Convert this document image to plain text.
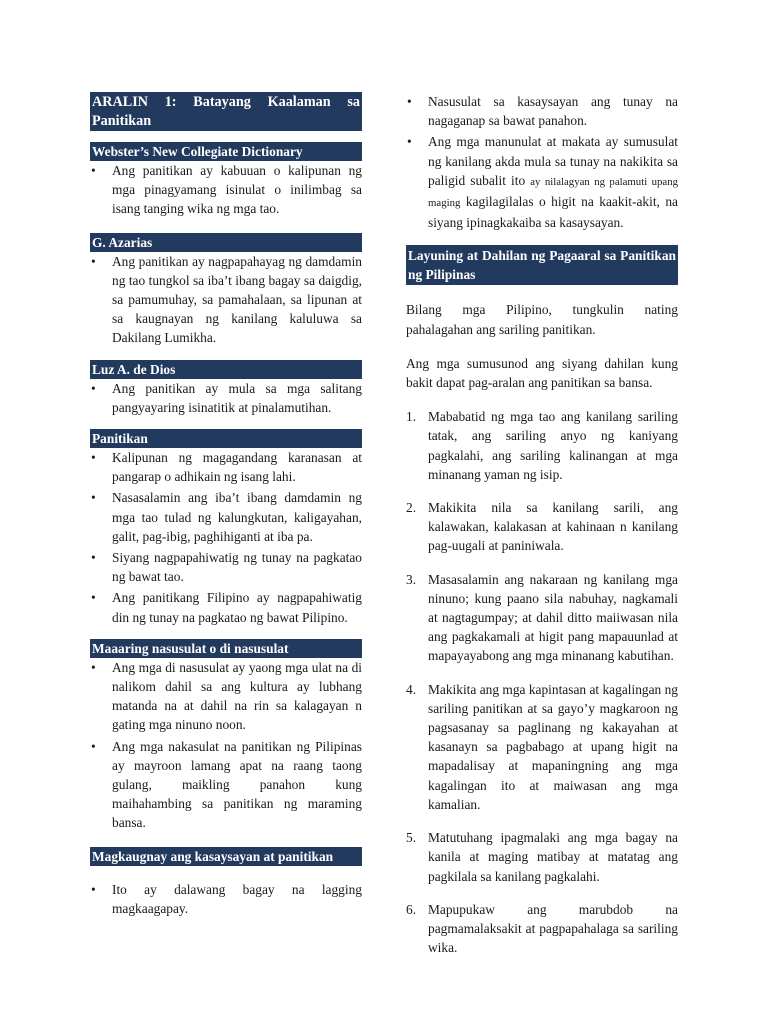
ARALIN 1: Batayang Kaalaman sa Panitikan
Webster’s New Collegiate Dictionary
• Ang panitikan ay kabuuan o kalipunan ng mga pinagyamang isinulat o inilimbag sa isang tanging wika ng mga tao.
G. Azarias
• Ang panitikan ay nagpapahayag ng damdamin ng tao tungkol sa iba’t ibang bagay sa daigdig, sa pamumuhay, sa pamahalaan, sa lipunan at sa kaugnayan ng kanilang kaluluwa sa Dakilang Lumikha.
Luz A. de Dios
• Ang panitikan ay mula sa mga salitang pangyayaring isinatitik at pinalamutihan.
Panitikan
• Kalipunan ng magagandang karanasan at pangarap o adhikain ng isang lahi.
• Nasasalamin ang iba’t ibang damdamin ng mga tao tulad ng kalungkutan, kaligayahan, galit, pag-ibig, paghihiganti at iba pa.
• Siyang nagpapahiwatig ng tunay na pagkatao ng bawat tao.
• Ang panitikang Filipino ay nagpapahiwatig din ng tunay na pagkatao ng bawat Pilipino.
Maaaring nasusulat o di nasusulat
• Ang mga di nasusulat ay yaong mga ulat na di nalikom dahil sa ang kultura ay lubhang matanda na at dahil na rin sa kalagayan n gating mga ninuno noon.
• Ang mga nakasulat na panitikan ng Pilipinas ay mayroon lamang apat na raang taong gulang, maikling panahon kung maihahambing sa panitikan ng maraming bansa.
Magkaugnay ang kasaysayan at panitikan
• Ito ay dalawang bagay na lagging magkaagapay.
• Nasusulat sa kasaysayan ang tunay na nagaganap sa bawat panahon.
• Ang mga manunulat at makata ay sumusulat ng kanilang akda mula sa tunay na nakikita sa paligid subalit ito ay nilalagyan ng palamuti upang maging kagilagilalas o higit na kaakit-akit, na siyang ipinagkakaiba sa kasaysayan.
Layuning at Dahilan ng Pagaaral sa Panitikan ng Pilipinas

Bilang mga Pilipino, tungkulin nating pahalagahan ang sariling panitikan.

Ang mga sumusunod ang siyang dahilan kung bakit dapat pag-aralan ang panitikan sa bansa.

1. Mababatid ng mga tao ang kanilang sariling tatak, ang sariling anyo ng kaniyang pagkalahi, ang sariling kalinangan at mga minanang yaman ng isip.
2. Makikita nila sa kanilang sarili, ang kalawakan, kalakasan at kahinaan n kanilang pag-uugali at paniniwala.
3. Masasalamin ang nakaraan ng kanilang mga ninuno; kung paano sila nabuhay, nagkamali at nagtagumpay; at dahil ditto maiiwasan nila ang pagkakamali at higit pang mapauunlad at mapayayabong ang mga minanang kabutihan.
4. Makikita ang mga kapintasan at kagalingan ng sariling panitikan at sa gayo’y magkaroon ng pagsasanay sa paglinang ng kakayahan at kasanayn sa pagbabago at upang higit na mapadalisay at mapaningning ang mga kagalingan ito at maiwasan ang mga kamalian.
5. Matutuhang ipagmalaki ang mga bagay na kanila at maging matibay at matatag ang pagkilala sa kanilang pagkalahi.
6. Mapupukaw ang marubdob na pagmamalaksakit at pagpapahalaga sa sariling wika.
